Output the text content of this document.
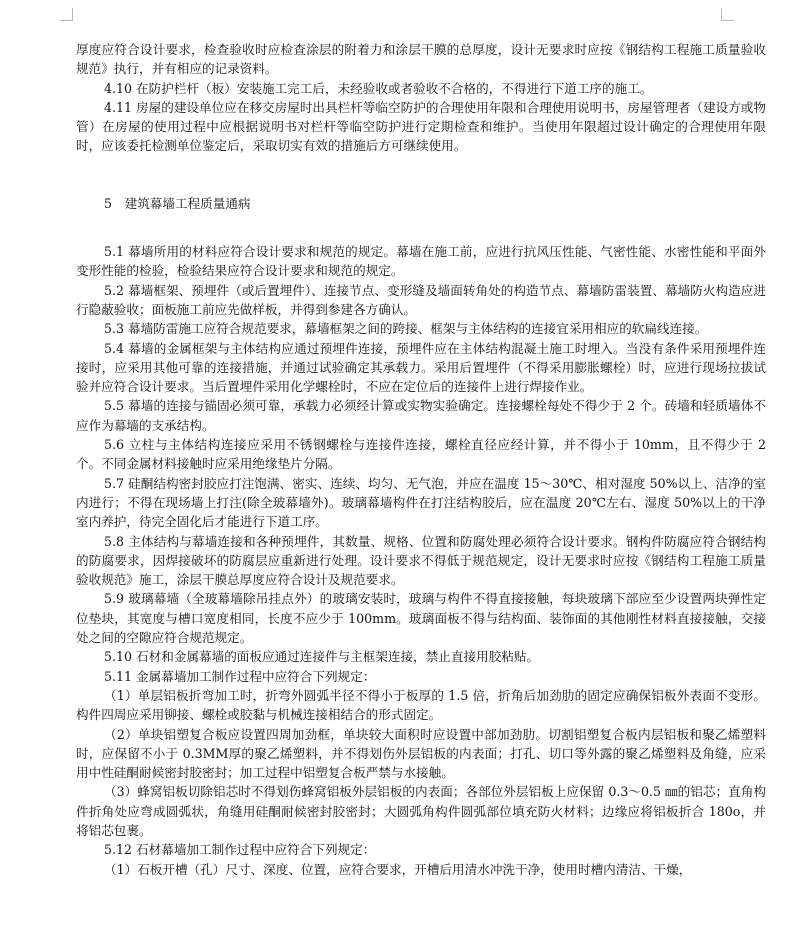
厚度应符合设计要求，检查验收时应检查涂层的附着力和涂层干膜的总厚度，设计无要求时应按《钢结构工程施工质量验收规范》执行，并有相应的记录资料。

4.10 在防护栏杆（板）安装施工完工后，未经验收或者验收不合格的，不得进行下道工序的施工。

4.11 房屋的建设单位应在移交房屋时出具栏杆等临空防护的合理使用年限和合理使用说明书，房屋管理者（建设方或物管）在房屋的使用过程中应根据说明书对栏杆等临空防护进行定期检查和维护。当使用年限超过设计确定的合理使用年限时，应该委托检测单位鉴定后，采取切实有效的措施后方可继续使用。

5　建筑幕墙工程质量通病

5.1 幕墙所用的材料应符合设计要求和规范的规定。幕墙在施工前，应进行抗风压性能、气密性能、水密性能和平面外变形性能的检验，检验结果应符合设计要求和规范的规定。

5.2 幕墙框架、预埋件（或后置埋件）、连接节点、变形缝及墙面转角处的构造节点、幕墙防雷装置、幕墙防火构造应进行隐蔽验收；面板施工前应先做样板，并得到参建各方确认。

5.3 幕墙防雷施工应符合规范要求，幕墙框架之间的跨接、框架与主体结构的连接宜采用相应的软扁线连接。

5.4 幕墙的金属框架与主体结构应通过预埋件连接，预埋件应在主体结构混凝土施工时埋入。当没有条件采用预埋件连接时，应采用其他可靠的连接措施，并通过试验确定其承载力。采用后置埋件（不得采用膨胀螺栓）时，应进行现场拉拔试验并应符合设计要求。当后置埋件采用化学螺栓时，不应在定位后的连接件上进行焊接作业。

5.5 幕墙的连接与锚固必须可靠，承载力必须经计算或实物实验确定。连接螺栓每处不得少于 2 个。砖墙和轻质墙体不应作为幕墙的支承结构。

5.6 立柱与主体结构连接应采用不锈钢螺栓与连接件连接，螺栓直径应经计算，并不得小于 10mm，且不得少于 2 个。不同金属材料接触时应采用绝缘垫片分隔。

5.7 硅酮结构密封胶应打注饱满、密实、连续、均匀、无气泡，并应在温度 15～30℃、相对湿度 50%以上、洁净的室内进行；不得在现场墙上打注(除全玻幕墙外)。玻璃幕墙构件在打注结构胶后，应在温度 20℃左右、湿度 50%以上的干净室内养护，待完全固化后才能进行下道工序。

5.8 主体结构与幕墙连接和各种预埋件，其数量、规格、位置和防腐处理必须符合设计要求。钢构件防腐应符合钢结构的防腐要求，因焊接破坏的防腐层应重新进行处理。设计要求不得低于规范规定，设计无要求时应按《钢结构工程施工质量验收规范》施工，涂层干膜总厚度应符合设计及规范要求。

5.9 玻璃幕墙（全玻幕墙除吊挂点外）的玻璃安装时，玻璃与构件不得直接接触，每块玻璃下部应至少设置两块弹性定位垫块，其宽度与槽口宽度相同，长度不应少于 100mm。玻璃面板不得与结构面、装饰面的其他刚性材料直接接触，交接处之间的空隙应符合规范规定。

5.10 石材和金属幕墙的面板应通过连接件与主框架连接，禁止直接用胶粘贴。

5.11 金属幕墙加工制作过程中应符合下列规定：

（1）单层铝板折弯加工时，折弯外圆弧半径不得小于板厚的 1.5 倍，折角后加劲肋的固定应确保铝板外表面不变形。构件四周应采用铆接、螺栓或胶黏与机械连接相结合的形式固定。

（2）单块铝塑复合板应设置四周加劲框，单块较大面积时应设置中部加劲肋。切割铝塑复合板内层铝板和聚乙烯塑料时，应保留不小于 0.3MM厚的聚乙烯塑料，并不得划伤外层铝板的内表面；打孔、切口等外露的聚乙烯塑料及角缝，应采用中性硅酮耐候密封胶密封；加工过程中铝塑复合板严禁与水接触。

（3）蜂窝铝板切除铝芯时不得划伤蜂窝铝板外层铝板的内表面；各部位外层铝板上应保留 0.3～0.5 ㎜的铝芯；直角构件折角处应弯成圆弧状，角缝用硅酮耐候密封胶密封；大圆弧角构件圆弧部位填充防火材料；边缘应将铝板折合 180o，并将铝芯包裹。

5.12 石材幕墙加工制作过程中应符合下列规定：

（1）石板开槽（孔）尺寸、深度、位置，应符合要求，开槽后用清水冲洗干净，使用时槽内清洁、干燥，
